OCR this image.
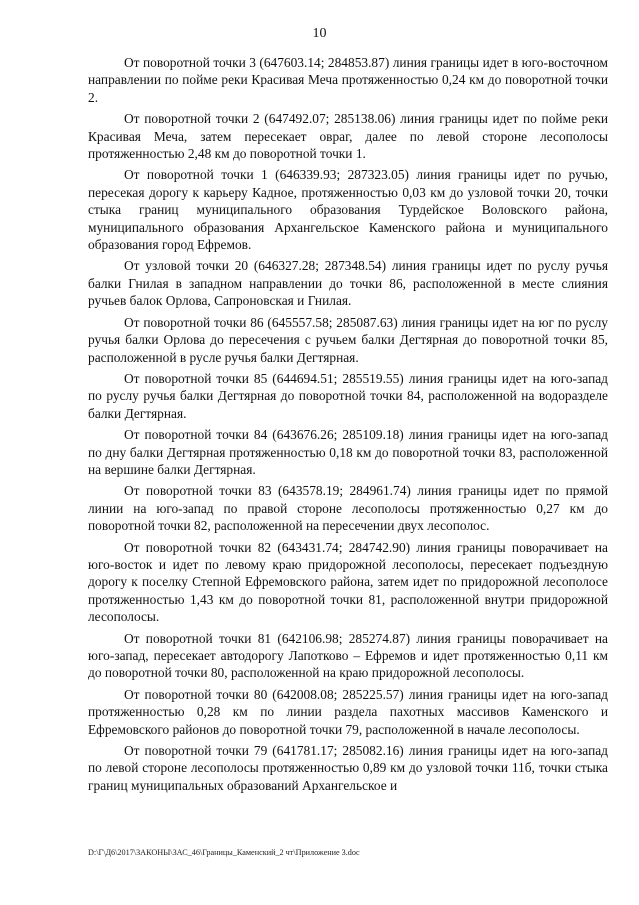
10

От поворотной точки 3 (647603.14; 284853.87) линия границы идет в юго-восточном направлении по пойме реки Красивая Меча протяженностью 0,24 км до поворотной точки 2.

От поворотной точки 2 (647492.07; 285138.06) линия границы идет по пойме реки Красивая Меча, затем пересекает овраг, далее по левой стороне лесополосы протяженностью 2,48 км до поворотной точки 1.

От поворотной точки 1 (646339.93; 287323.05) линия границы идет по ручью, пересекая дорогу к карьеру Кадное, протяженностью 0,03 км до узловой точки 20, точки стыка границ муниципального образования Турдейское Воловского района, муниципального образования Архангельское Каменского района и муниципального образования город Ефремов.

От узловой точки 20 (646327.28; 287348.54) линия границы идет по руслу ручья балки Гнилая в западном направлении до точки 86, расположенной в месте слияния ручьев балок Орлова, Сапроновская и Гнилая.

От поворотной точки 86 (645557.58; 285087.63) линия границы идет на юг по руслу ручья балки Орлова до пересечения с ручьем балки Дегтярная до поворотной точки 85, расположенной в русле ручья балки Дегтярная.

От поворотной точки 85 (644694.51; 285519.55) линия границы идет на юго-запад по руслу ручья балки Дегтярная до поворотной точки 84, расположенной на водоразделе балки Дегтярная.

От поворотной точки 84 (643676.26; 285109.18) линия границы идет на юго-запад по дну балки Дегтярная протяженностью 0,18 км до поворотной точки 83, расположенной на вершине балки Дегтярная.

От поворотной точки 83 (643578.19; 284961.74) линия границы идет по прямой линии на юго-запад по правой стороне лесополосы протяженностью 0,27 км до поворотной точки 82, расположенной на пересечении двух лесополос.

От поворотной точки 82 (643431.74; 284742.90) линия границы поворачивает на юго-восток и идет по левому краю придорожной лесополосы, пересекает подъездную дорогу к поселку Степной Ефремовского района, затем идет по придорожной лесополосе протяженностью 1,43 км до поворотной точки 81, расположенной внутри придорожной лесополосы.

От поворотной точки 81 (642106.98; 285274.87) линия границы поворачивает на юго-запад, пересекает автодорогу Лапотково – Ефремов и идет протяженностью 0,11 км до поворотной точки 80, расположенной на краю придорожной лесополосы.

От поворотной точки 80 (642008.08; 285225.57) линия границы идет на юго-запад протяженностью 0,28 км по линии раздела пахотных массивов Каменского и Ефремовского районов до поворотной точки 79, расположенной в начале лесополосы.

От поворотной точки 79 (641781.17; 285082.16) линия границы идет на юго-запад по левой стороне лесополосы протяженностью 0,89 км до узловой точки 11б, точки стыка границ муниципальных образований Архангельское и

D:\Г\Д6\2017\ЗАКОНЫ\ЗАС_46\Границы_Каменский_2 чт\Приложение 3.doc
